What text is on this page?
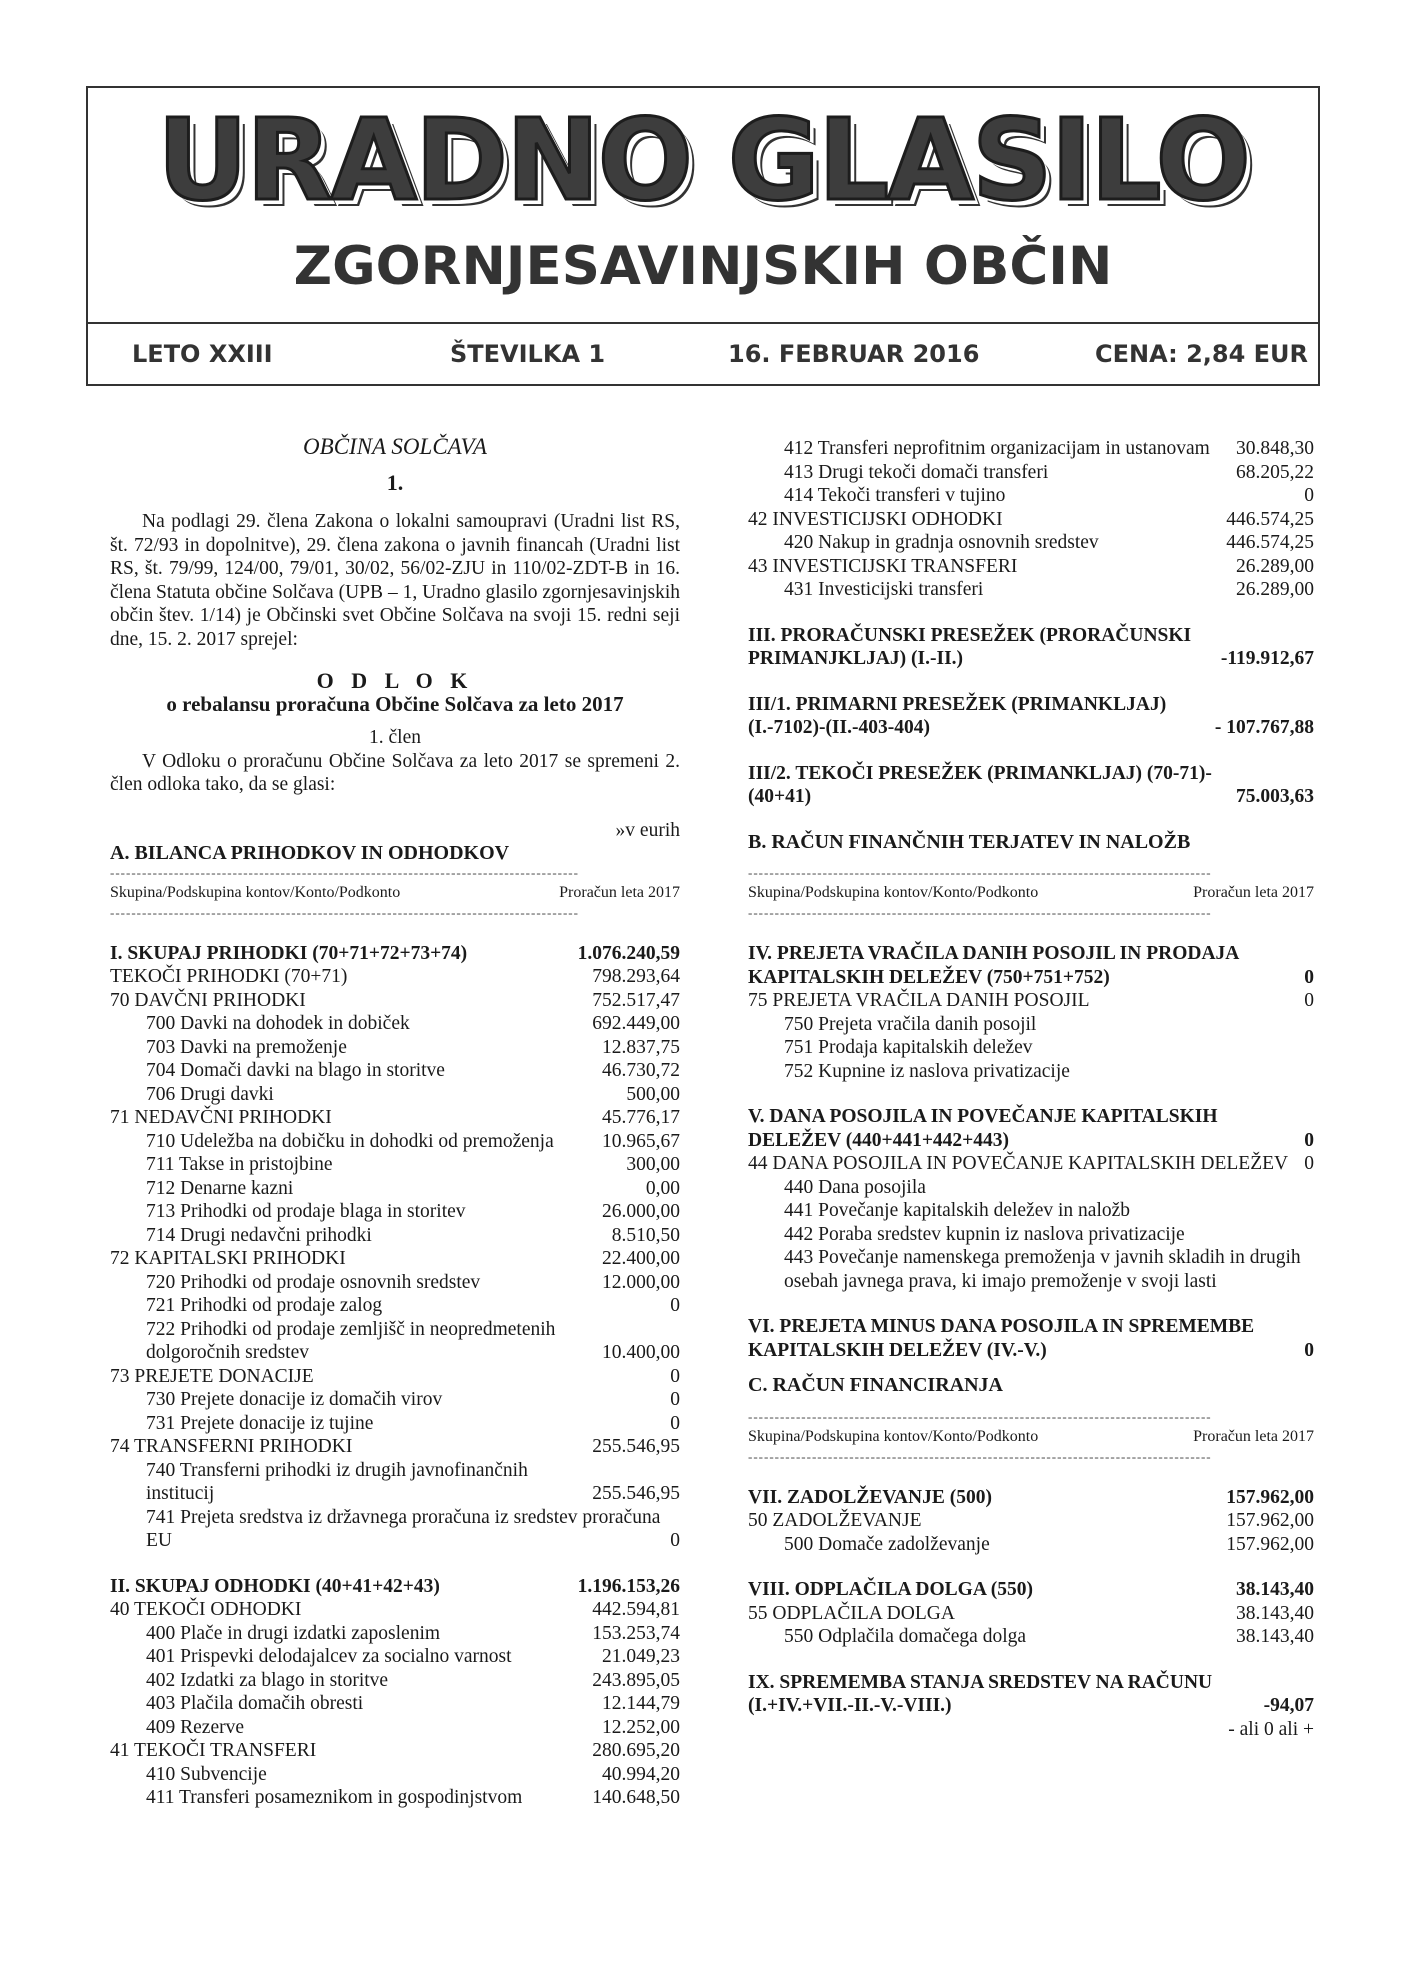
URADNO GLASILO
ZGORNJESAVINJSKIH OBČIN
LETO XXIII	ŠTEVILKA 1	16. FEBRUAR 2016	CENA: 2,84 EUR
OBČINA SOLČAVA
1.

Na podlagi 29. člena Zakona o lokalni samoupravi (Uradni list RS, št. 72/93 in dopolnitve), 29. člena zakona o javnih financah (Uradni list RS, št. 79/99, 124/00, 79/01, 30/02, 56/02-ZJU in 110/02-ZDT-B in 16. člena Statuta občine Solčava (UPB – 1, Uradno glasilo zgornjesavinjskih občin štev. 1/14) je Občinski svet Občine Solčava na svoji 15. redni seji dne, 15. 2. 2017 sprejel:

O D L O K
o rebalansu proračuna Občine Solčava za leto 2017
1. člen

V Odloku o proračunu Občine Solčava za leto 2017 se spremeni 2. člen odloka tako, da se glasi:

»v eurih
A. BILANCA PRIHODKOV IN ODHODKOV
----------------------------------------------------------------------------------------
Skupina/Podskupina kontov/Konto/Podkonto	Proračun leta 2017
----------------------------------------------------------------------------------------
I. SKUPAJ PRIHODKI (70+71+72+73+74)	1.076.240,59
TEKOČI PRIHODKI (70+71)	798.293,64
70 DAVČNI PRIHODKI	752.517,47
700 Davki na dohodek in dobiček	692.449,00
703 Davki na premoženje	12.837,75
704 Domači davki na blago in storitve	46.730,72
706 Drugi davki	500,00
71 NEDAVČNI PRIHODKI	45.776,17
710 Udeležba na dobičku in dohodki od premoženja	10.965,67
711 Takse in pristojbine	300,00
712 Denarne kazni	0,00
713 Prihodki od prodaje blaga in storitev	26.000,00
714 Drugi nedavčni prihodki	8.510,50
72 KAPITALSKI PRIHODKI	22.400,00
720 Prihodki od prodaje osnovnih sredstev	12.000,00
721 Prihodki od prodaje zalog	0
722 Prihodki od prodaje zemljišč in neopredmetenih dolgoročnih sredstev	10.400,00
73 PREJETE DONACIJE	0
730 Prejete donacije iz domačih virov	0
731 Prejete donacije iz tujine	0
74 TRANSFERNI PRIHODKI	255.546,95
740 Transferni prihodki iz drugih javnofinančnih institucij	255.546,95
741 Prejeta sredstva iz državnega proračuna iz sredstev proračuna EU	0
II. SKUPAJ ODHODKI (40+41+42+43)	1.196.153,26
40 TEKOČI ODHODKI	442.594,81
400 Plače in drugi izdatki zaposlenim	153.253,74
401 Prispevki delodajalcev za socialno varnost	21.049,23
402 Izdatki za blago in storitve	243.895,05
403 Plačila domačih obresti	12.144,79
409 Rezerve	12.252,00
41 TEKOČI TRANSFERI	280.695,20
410 Subvencije	40.994,20
411 Transferi posameznikom in gospodinjstvom	140.648,50
412 Transferi neprofitnim organizacijam in ustanovam	30.848,30
413 Drugi tekoči domači transferi	68.205,22
414 Tekoči transferi v tujino	0
42 INVESTICIJSKI ODHODKI	446.574,25
420 Nakup in gradnja osnovnih sredstev	446.574,25
43 INVESTICIJSKI TRANSFERI	26.289,00
431 Investicijski transferi	26.289,00
III. PRORAČUNSKI PRESEŽEK (PRORAČUNSKI PRIMANJKLJAJ) (I.-II.)	-119.912,67
III/1. PRIMARNI PRESEŽEK (PRIMANKLJAJ) (I.-7102)-(II.-403-404)	- 107.767,88
III/2. TEKOČI PRESEŽEK (PRIMANKLJAJ) (70-71)-(40+41)	75.003,63
B. RAČUN FINANČNIH TERJATEV IN NALOŽB
---------------------------------------------------------------------------------------
Skupina/Podskupina kontov/Konto/Podkonto	Proračun leta 2017
---------------------------------------------------------------------------------------
IV. PREJETA VRAČILA DANIH POSOJIL IN PRODAJA KAPITALSKIH DELEŽEV (750+751+752)	0
75 PREJETA VRAČILA DANIH POSOJIL	0
750 Prejeta vračila danih posojil
751 Prodaja kapitalskih deležev
752 Kupnine iz naslova privatizacije
V. DANA POSOJILA IN POVEČANJE KAPITALSKIH DELEŽEV (440+441+442+443)	0
44 DANA POSOJILA IN POVEČANJE KAPITALSKIH DELEŽEV 0
440 Dana posojila
441 Povečanje kapitalskih deležev in naložb
442 Poraba sredstev kupnin iz naslova privatizacije
443 Povečanje namenskega premoženja v javnih skladih in drugih osebah javnega prava, ki imajo premoženje v svoji lasti
VI. PREJETA MINUS DANA POSOJILA IN SPREMEMBE KAPITALSKIH DELEŽEV (IV.-V.)	0
C. RAČUN FINANCIRANJA
---------------------------------------------------------------------------------------
Skupina/Podskupina kontov/Konto/Podkonto	Proračun leta 2017
---------------------------------------------------------------------------------------
VII. ZADOLŽEVANJE (500)	157.962,00
50 ZADOLŽEVANJE	157.962,00
500 Domače zadolževanje	157.962,00
VIII. ODPLAČILA DOLGA (550)	38.143,40
55 ODPLAČILA DOLGA	38.143,40
550 Odplačila domačega dolga	38.143,40
IX. SPREMEMBA STANJA SREDSTEV NA RAČUNU (I.+IV.+VII.-II.-V.-VIII.)	-94,07
- ali 0 ali +
